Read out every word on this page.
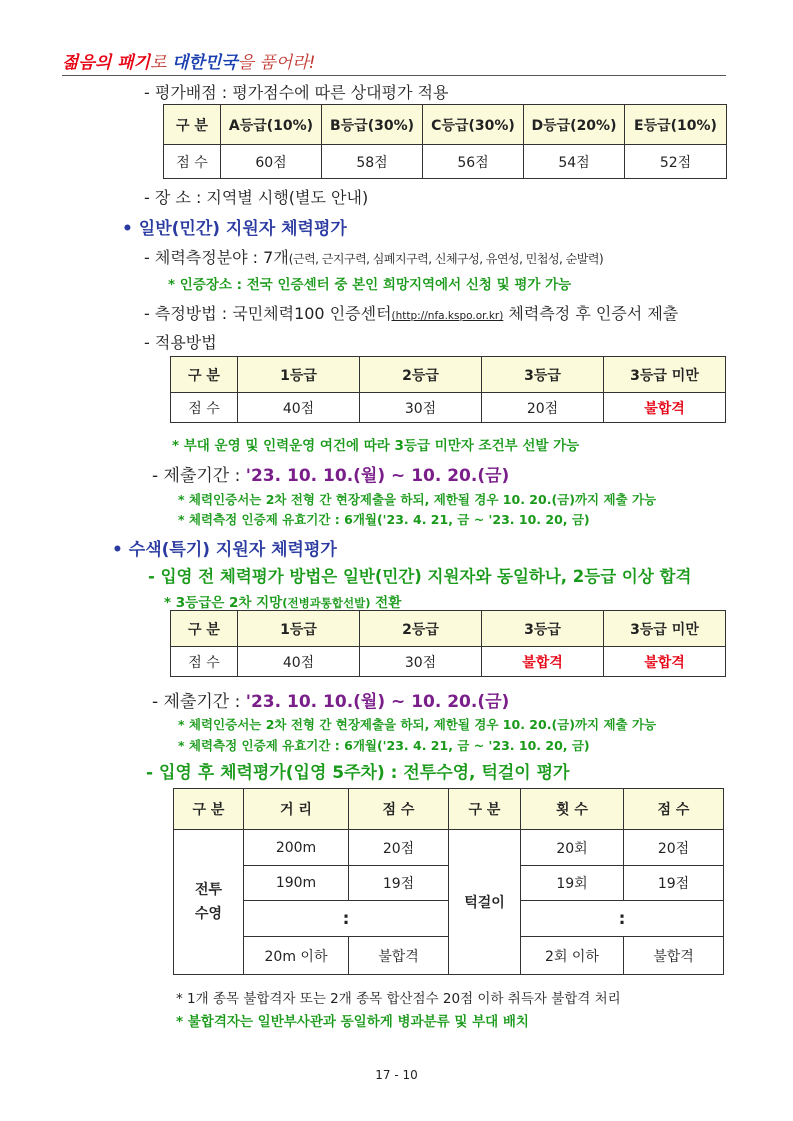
젊음의 패기로 대한민국을 품어라!
- 평가배점 : 평가점수에 따른 상대평가 적용
구 분	A등급(10%)	B등급(30%)	C등급(30%)	D등급(20%)	E등급(10%)
점 수	60점	58점	56점	54점	52점
- 장 소 : 지역별 시행(별도 안내)
• 일반(민간) 지원자 체력평가
- 체력측정분야 : 7개(근력, 근지구력, 심폐지구력, 신체구성, 유연성, 민첩성, 순발력)
* 인증장소 : 전국 인증센터 중 본인 희망지역에서 신청 및 평가 가능
- 측정방법 : 국민체력100 인증센터(http://nfa.kspo.or.kr) 체력측정 후 인증서 제출
- 적용방법
구 분	1등급	2등급	3등급	3등급 미만
점 수	40점	30점	20점	불합격
* 부대 운영 및 인력운영 여건에 따라 3등급 미만자 조건부 선발 가능
- 제출기간 : '23. 10. 10.(월) ~ 10. 20.(금)
* 체력인증서는 2차 전형 간 현장제출을 하되, 제한될 경우 10. 20.(금)까지 제출 가능
* 체력측정 인증제 유효기간 : 6개월('23. 4. 21, 금 ~ '23. 10. 20, 금)
• 수색(특기) 지원자 체력평가
- 입영 전 체력평가 방법은 일반(민간) 지원자와 동일하나, 2등급 이상 합격
* 3등급은 2차 지망(전병과통합선발) 전환
구 분	1등급	2등급	3등급	3등급 미만
점 수	40점	30점	불합격	불합격
- 제출기간 : '23. 10. 10.(월) ~ 10. 20.(금)
* 체력인증서는 2차 전형 간 현장제출을 하되, 제한될 경우 10. 20.(금)까지 제출 가능
* 체력측정 인증제 유효기간 : 6개월('23. 4. 21, 금 ~ '23. 10. 20, 금)
- 입영 후 체력평가(입영 5주차) : 전투수영, 턱걸이 평가
구 분	거 리	점 수	구 분	횟 수	점 수
전투
수영	200m	20점	턱걸이	20회	20점
	190m	19점		19회	19점
	:			:	
	20m 이하	불합격		2회 이하	불합격
* 1개 종목 불합격자 또는 2개 종목 합산점수 20점 이하 취득자 불합격 처리
* 불합격자는 일반부사관과 동일하게 병과분류 및 부대 배치
17 - 10
